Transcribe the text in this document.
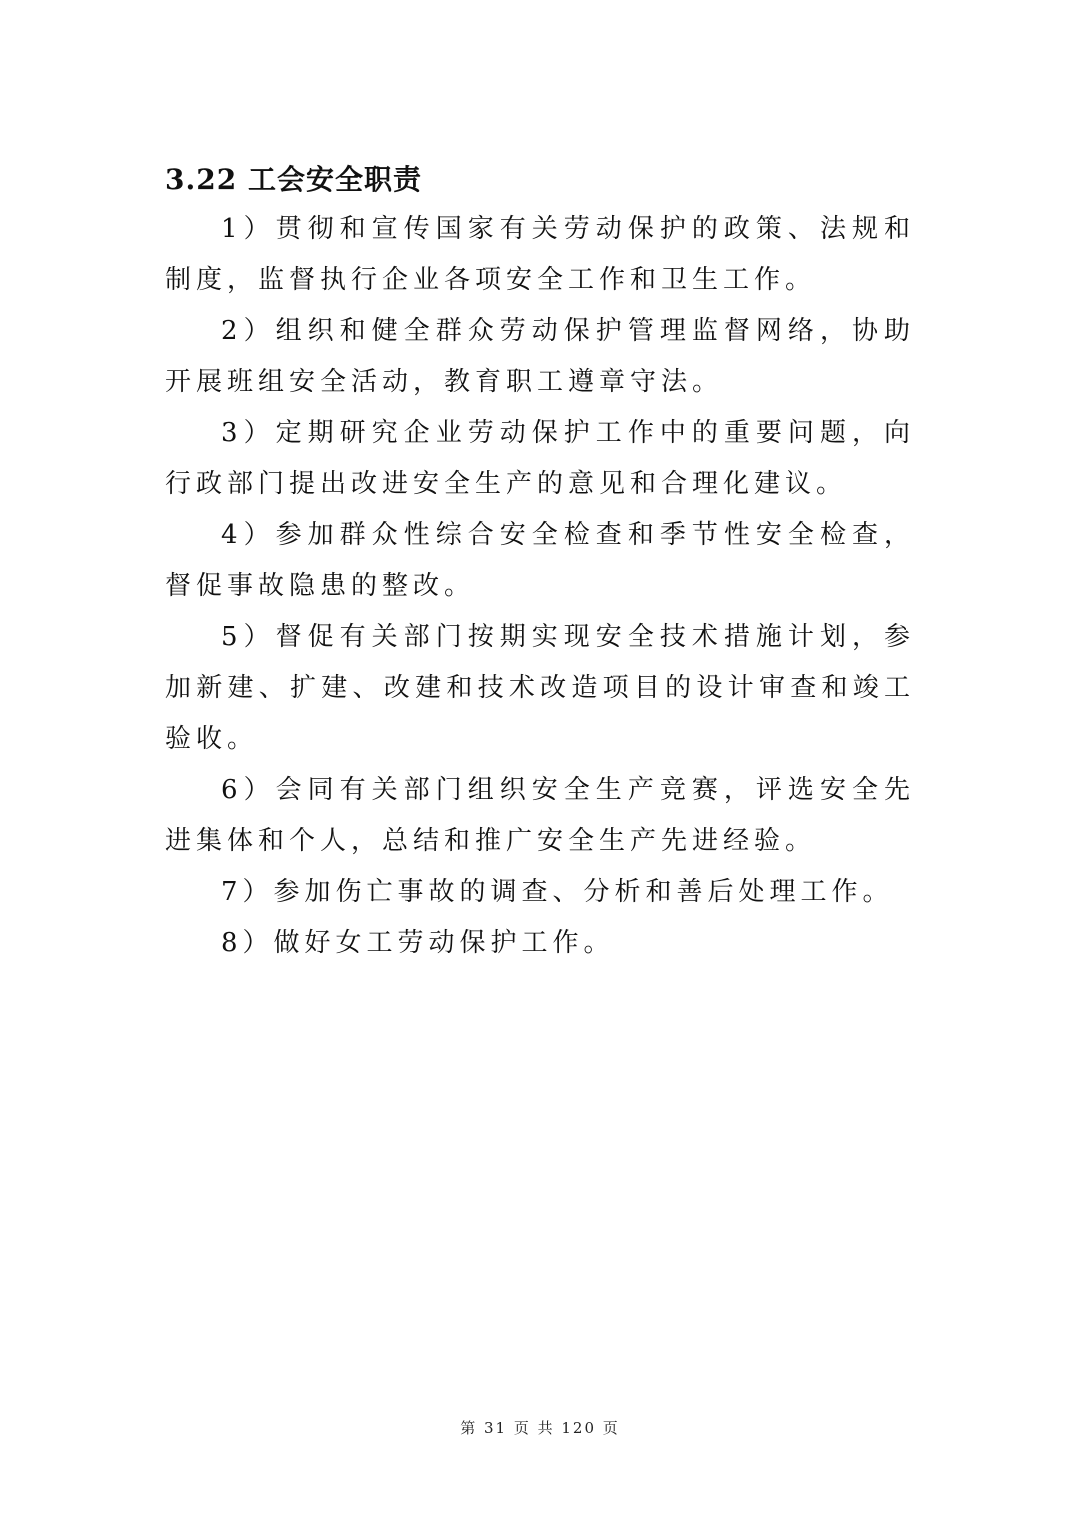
3.22 工会安全职责

1）贯彻和宣传国家有关劳动保护的政策、法规和制度，监督执行企业各项安全工作和卫生工作。

2）组织和健全群众劳动保护管理监督网络，协助开展班组安全活动，教育职工遵章守法。

3）定期研究企业劳动保护工作中的重要问题，向行政部门提出改进安全生产的意见和合理化建议。

4）参加群众性综合安全检查和季节性安全检查，督促事故隐患的整改。

5）督促有关部门按期实现安全技术措施计划，参加新建、扩建、改建和技术改造项目的设计审查和竣工验收。

6）会同有关部门组织安全生产竞赛，评选安全先进集体和个人，总结和推广安全生产先进经验。

7）参加伤亡事故的调查、分析和善后处理工作。

8）做好女工劳动保护工作。

第 31 页 共 120 页
